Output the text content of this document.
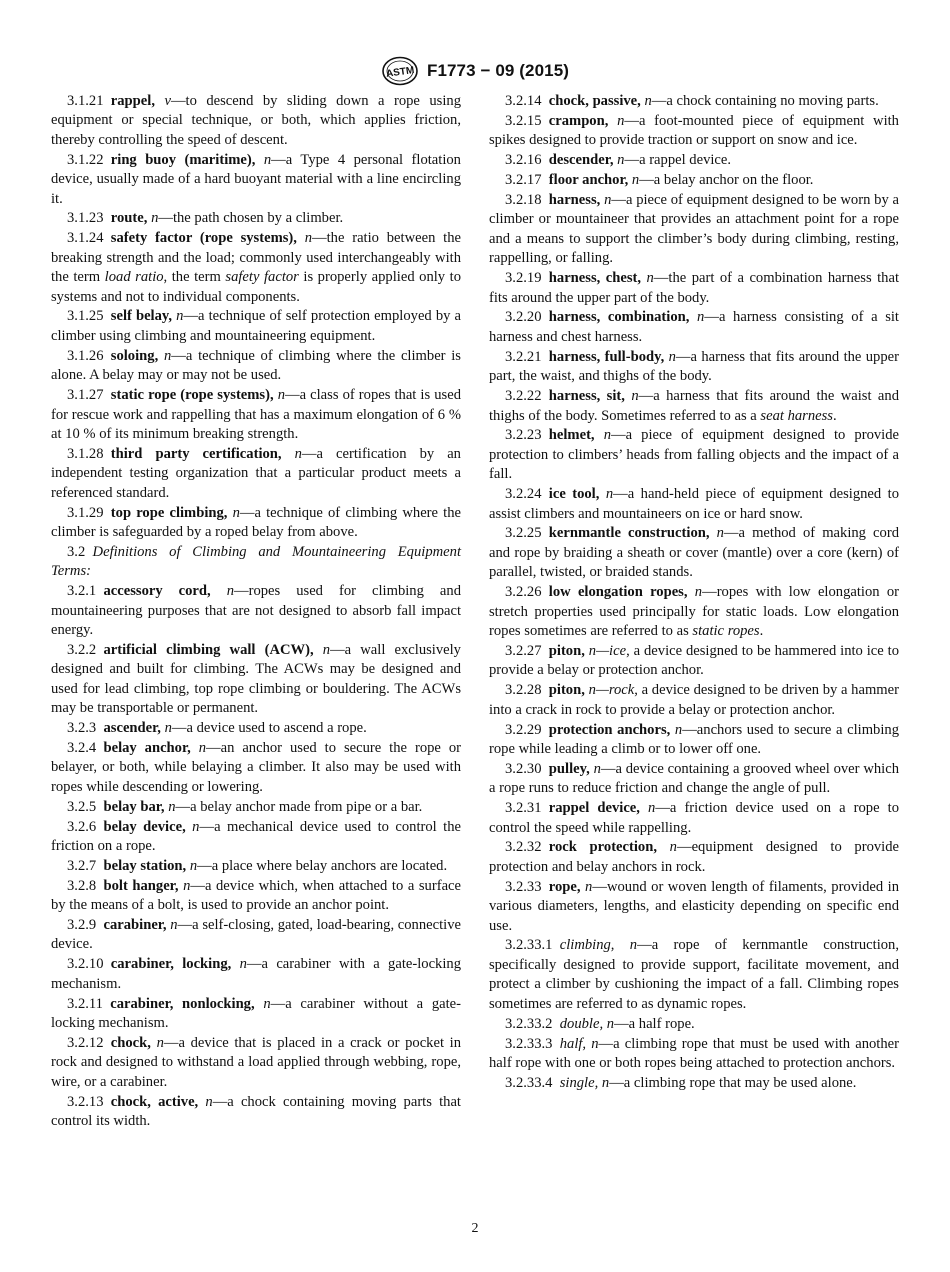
ASTM F1773 − 09 (2015)

3.1.21  rappel, v—to descend by sliding down a rope using equipment or special technique, or both, which applies friction, thereby controlling the speed of descent.

3.1.22  ring buoy (maritime), n—a Type 4 personal flotation device, usually made of a hard buoyant material with a line encircling it.

3.1.23  route, n—the path chosen by a climber.

3.1.24  safety factor (rope systems), n—the ratio between the breaking strength and the load; commonly used interchangeably with the term load ratio, the term safety factor is properly applied only to systems and not to individual components.

3.1.25  self belay, n—a technique of self protection employed by a climber using climbing and mountaineering equipment.

3.1.26  soloing, n—a technique of climbing where the climber is alone. A belay may or may not be used.

3.1.27  static rope (rope systems), n—a class of ropes that is used for rescue work and rappelling that has a maximum elongation of 6 % at 10 % of its minimum breaking strength.

3.1.28  third party certification, n—a certification by an independent testing organization that a particular product meets a referenced standard.

3.1.29  top rope climbing, n—a technique of climbing where the climber is safeguarded by a roped belay from above.

3.2  Definitions of Climbing and Mountaineering Equipment Terms:

3.2.1  accessory cord, n—ropes used for climbing and mountaineering purposes that are not designed to absorb fall impact energy.

3.2.2  artificial climbing wall (ACW), n—a wall exclusively designed and built for climbing. The ACWs may be designed and used for lead climbing, top rope climbing or bouldering. The ACWs may be transportable or permanent.

3.2.3  ascender, n—a device used to ascend a rope.

3.2.4  belay anchor, n—an anchor used to secure the rope or belayer, or both, while belaying a climber. It also may be used with ropes while descending or lowering.

3.2.5  belay bar, n—a belay anchor made from pipe or a bar.

3.2.6  belay device, n—a mechanical device used to control the friction on a rope.

3.2.7  belay station, n—a place where belay anchors are located.

3.2.8  bolt hanger, n—a device which, when attached to a surface by the means of a bolt, is used to provide an anchor point.

3.2.9  carabiner, n—a self-closing, gated, load-bearing, connective device.

3.2.10  carabiner, locking, n—a carabiner with a gate-locking mechanism.

3.2.11  carabiner, nonlocking, n—a carabiner without a gate-locking mechanism.

3.2.12  chock, n—a device that is placed in a crack or pocket in rock and designed to withstand a load applied through webbing, rope, wire, or a carabiner.

3.2.13  chock, active, n—a chock containing moving parts that control its width.

3.2.14  chock, passive, n—a chock containing no moving parts.

3.2.15  crampon, n—a foot-mounted piece of equipment with spikes designed to provide traction or support on snow and ice.

3.2.16  descender, n—a rappel device.

3.2.17  floor anchor, n—a belay anchor on the floor.

3.2.18  harness, n—a piece of equipment designed to be worn by a climber or mountaineer that provides an attachment point for a rope and a means to support the climber’s body during climbing, resting, rappelling, or falling.

3.2.19  harness, chest, n—the part of a combination harness that fits around the upper part of the body.

3.2.20  harness, combination, n—a harness consisting of a sit harness and chest harness.

3.2.21  harness, full-body, n—a harness that fits around the upper part, the waist, and thighs of the body.

3.2.22  harness, sit, n—a harness that fits around the waist and thighs of the body. Sometimes referred to as a seat harness.

3.2.23  helmet, n—a piece of equipment designed to provide protection to climbers’ heads from falling objects and the impact of a fall.

3.2.24  ice tool, n—a hand-held piece of equipment designed to assist climbers and mountaineers on ice or hard snow.

3.2.25  kernmantle construction, n—a method of making cord and rope by braiding a sheath or cover (mantle) over a core (kern) of parallel, twisted, or braided stands.

3.2.26  low elongation ropes, n—ropes with low elongation or stretch properties used principally for static loads. Low elongation ropes sometimes are referred to as static ropes.

3.2.27  piton, n—ice, a device designed to be hammered into ice to provide a belay or protection anchor.

3.2.28  piton, n—rock, a device designed to be driven by a hammer into a crack in rock to provide a belay or protection anchor.

3.2.29  protection anchors, n—anchors used to secure a climbing rope while leading a climb or to lower off one.

3.2.30  pulley, n—a device containing a grooved wheel over which a rope runs to reduce friction and change the angle of pull.

3.2.31  rappel device, n—a friction device used on a rope to control the speed while rappelling.

3.2.32  rock protection, n—equipment designed to provide protection and belay anchors in rock.

3.2.33  rope, n—wound or woven length of filaments, provided in various diameters, lengths, and elasticity depending on specific end use.

3.2.33.1  climbing, n—a rope of kernmantle construction, specifically designed to provide support, facilitate movement, and protect a climber by cushioning the impact of a fall. Climbing ropes sometimes are referred to as dynamic ropes.

3.2.33.2  double, n—a half rope.

3.2.33.3  half, n—a climbing rope that must be used with another half rope with one or both ropes being attached to protection anchors.

3.2.33.4  single, n—a climbing rope that may be used alone.

2
